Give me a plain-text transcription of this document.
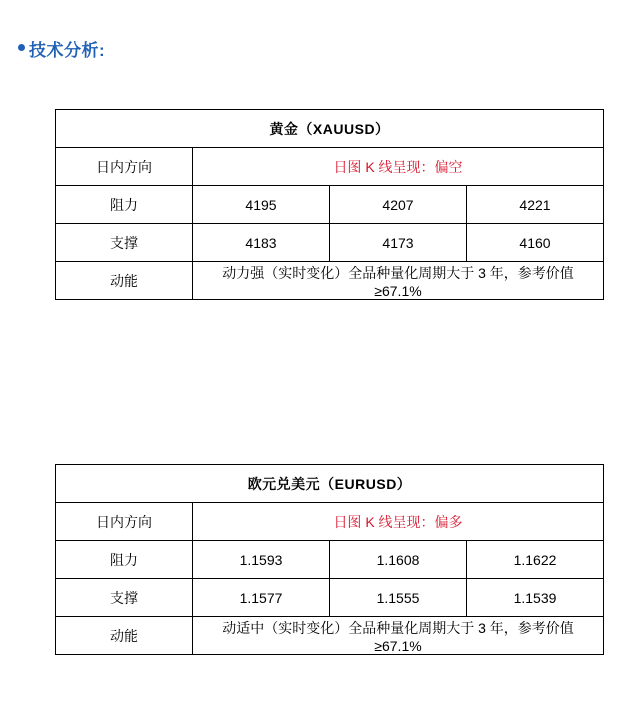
技术分析:
黄金（XAUUSD）			
日内方向	日图 K 线呈现：偏空		
阻力	4195	4207	4221
支撑	4183	4173	4160
动能	动力强（实时变化）全品种量化周期大于 3 年，参考价值≥67.1%		
欧元兑美元（EURUSD）			
日内方向	日图 K 线呈现：偏多		
阻力	1.1593	1.1608	1.1622
支撑	1.1577	1.1555	1.1539
动能	动适中（实时变化）全品种量化周期大于 3 年，参考价值≥67.1%		
